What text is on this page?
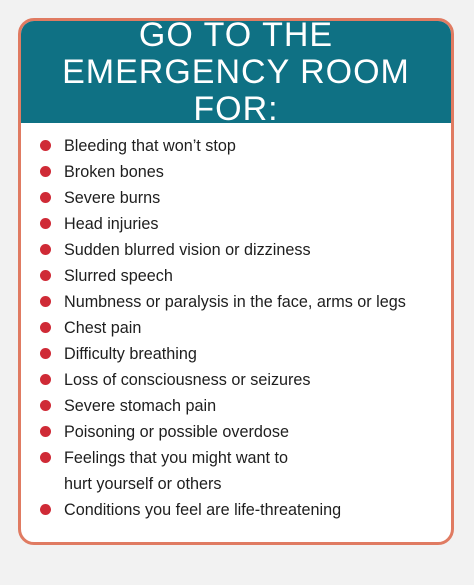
GO TO THE
EMERGENCY ROOM FOR:
Bleeding that won’t stop
Broken bones
Severe burns
Head injuries
Sudden blurred vision or dizziness
Slurred speech
Numbness or paralysis in the face, arms or legs
Chest pain
Difficulty breathing
Loss of consciousness or seizures
Severe stomach pain
Poisoning or possible overdose
Feelings that you might want to
hurt yourself or others
Conditions you feel are life-threatening
